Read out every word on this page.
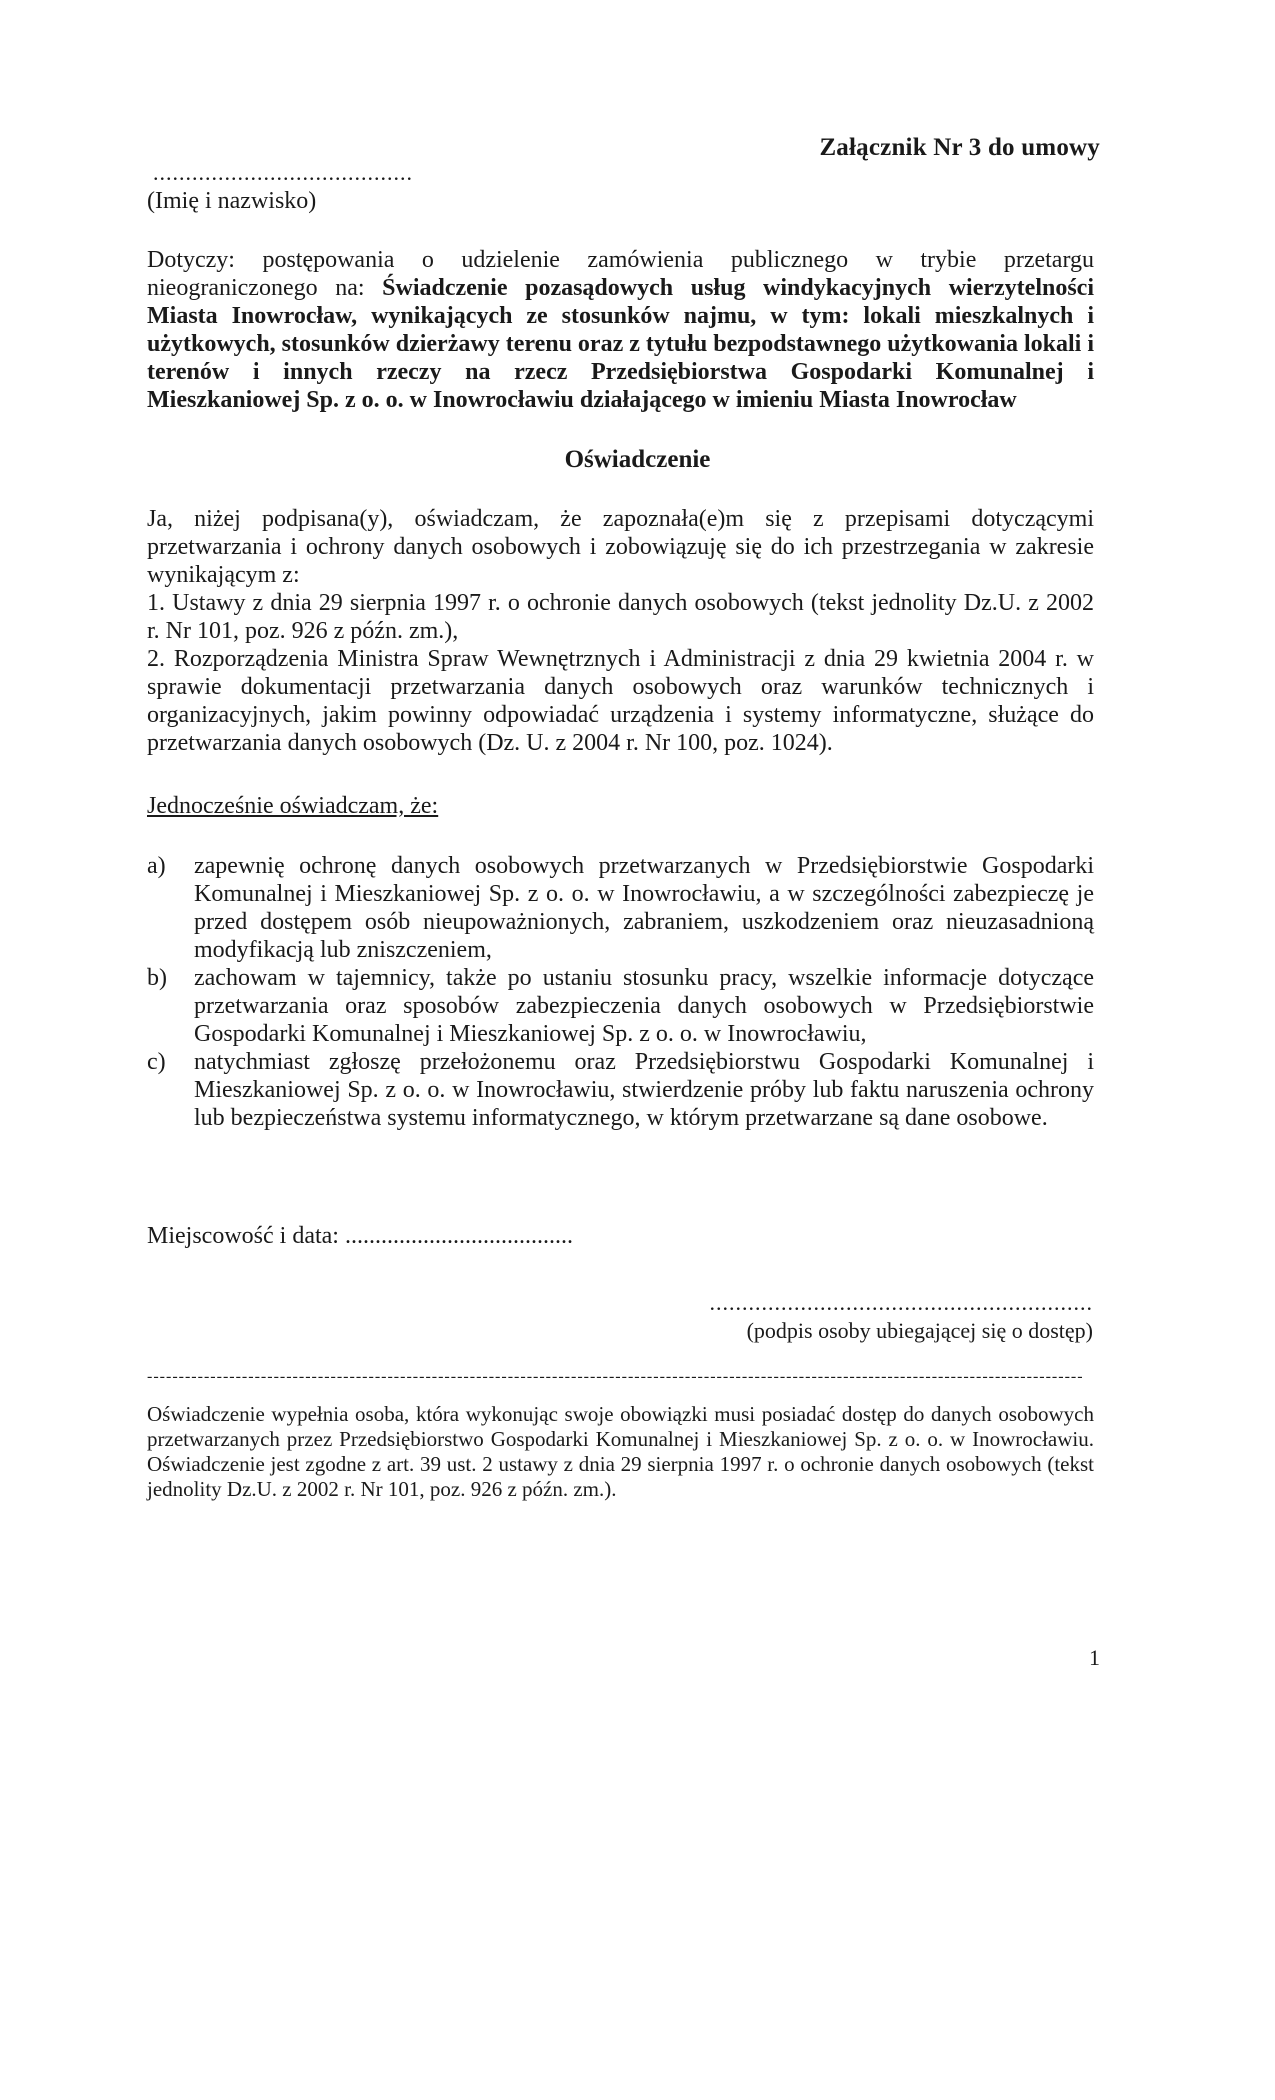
Załącznik Nr 3 do umowy
........................................
(Imię i nazwisko)
Dotyczy: postępowania o udzielenie zamówienia publicznego w trybie przetargu nieograniczonego na: Świadczenie pozasądowych usług windykacyjnych wierzytelności Miasta Inowrocław, wynikających ze stosunków najmu, w tym: lokali mieszkalnych i użytkowych, stosunków dzierżawy terenu oraz z tytułu bezpodstawnego użytkowania lokali i terenów i innych rzeczy na rzecz Przedsiębiorstwa Gospodarki Komunalnej i Mieszkaniowej Sp. z o. o. w Inowrocławiu działającego w imieniu Miasta Inowrocław
Oświadczenie

Ja, niżej podpisana(y), oświadczam, że zapoznała(e)m się z przepisami dotyczącymi przetwarzania i ochrony danych osobowych i zobowiązuję się do ich przestrzegania w zakresie wynikającym z:

1. Ustawy z dnia 29 sierpnia 1997 r. o ochronie danych osobowych (tekst jednolity Dz.U. z 2002 r. Nr 101, poz. 926 z późn. zm.),

2. Rozporządzenia Ministra Spraw Wewnętrznych i Administracji z dnia 29 kwietnia 2004 r. w sprawie dokumentacji przetwarzania danych osobowych oraz warunków technicznych i organizacyjnych, jakim powinny odpowiadać urządzenia i systemy informatyczne, służące do przetwarzania danych osobowych (Dz. U. z 2004 r. Nr 100, poz. 1024).

Jednocześnie oświadczam, że:
a)	zapewnię ochronę danych osobowych przetwarzanych w Przedsiębiorstwie Gospodarki Komunalnej i Mieszkaniowej Sp. z o. o. w Inowrocławiu, a w szczególności zabezpieczę je przed dostępem osób nieupoważnionych, zabraniem, uszkodzeniem oraz nieuzasadnioną modyfikacją lub zniszczeniem,
b)	zachowam w tajemnicy, także po ustaniu stosunku pracy, wszelkie informacje dotyczące przetwarzania oraz sposobów zabezpieczenia danych osobowych w Przedsiębiorstwie Gospodarki Komunalnej i Mieszkaniowej Sp. z o. o. w Inowrocławiu,
c)	natychmiast zgłoszę przełożonemu oraz Przedsiębiorstwu Gospodarki Komunalnej i Mieszkaniowej Sp. z o. o. w Inowrocławiu, stwierdzenie próby lub faktu naruszenia ochrony lub bezpieczeństwa systemu informatycznego, w którym przetwarzane są dane osobowe.
Miejscowość i data: ......................................
...........................................................
(podpis osoby ubiegającej się o dostęp)
----------------------------------------------------------------------------------------------------------------------------------------------------
Oświadczenie wypełnia osoba, która wykonując swoje obowiązki musi posiadać dostęp do danych osobowych przetwarzanych przez Przedsiębiorstwo Gospodarki Komunalnej i Mieszkaniowej Sp. z o. o. w Inowrocławiu. Oświadczenie jest zgodne z art. 39 ust. 2 ustawy z dnia 29 sierpnia 1997 r. o ochronie danych osobowych (tekst jednolity Dz.U. z 2002 r. Nr 101, poz. 926 z późn. zm.).
1
